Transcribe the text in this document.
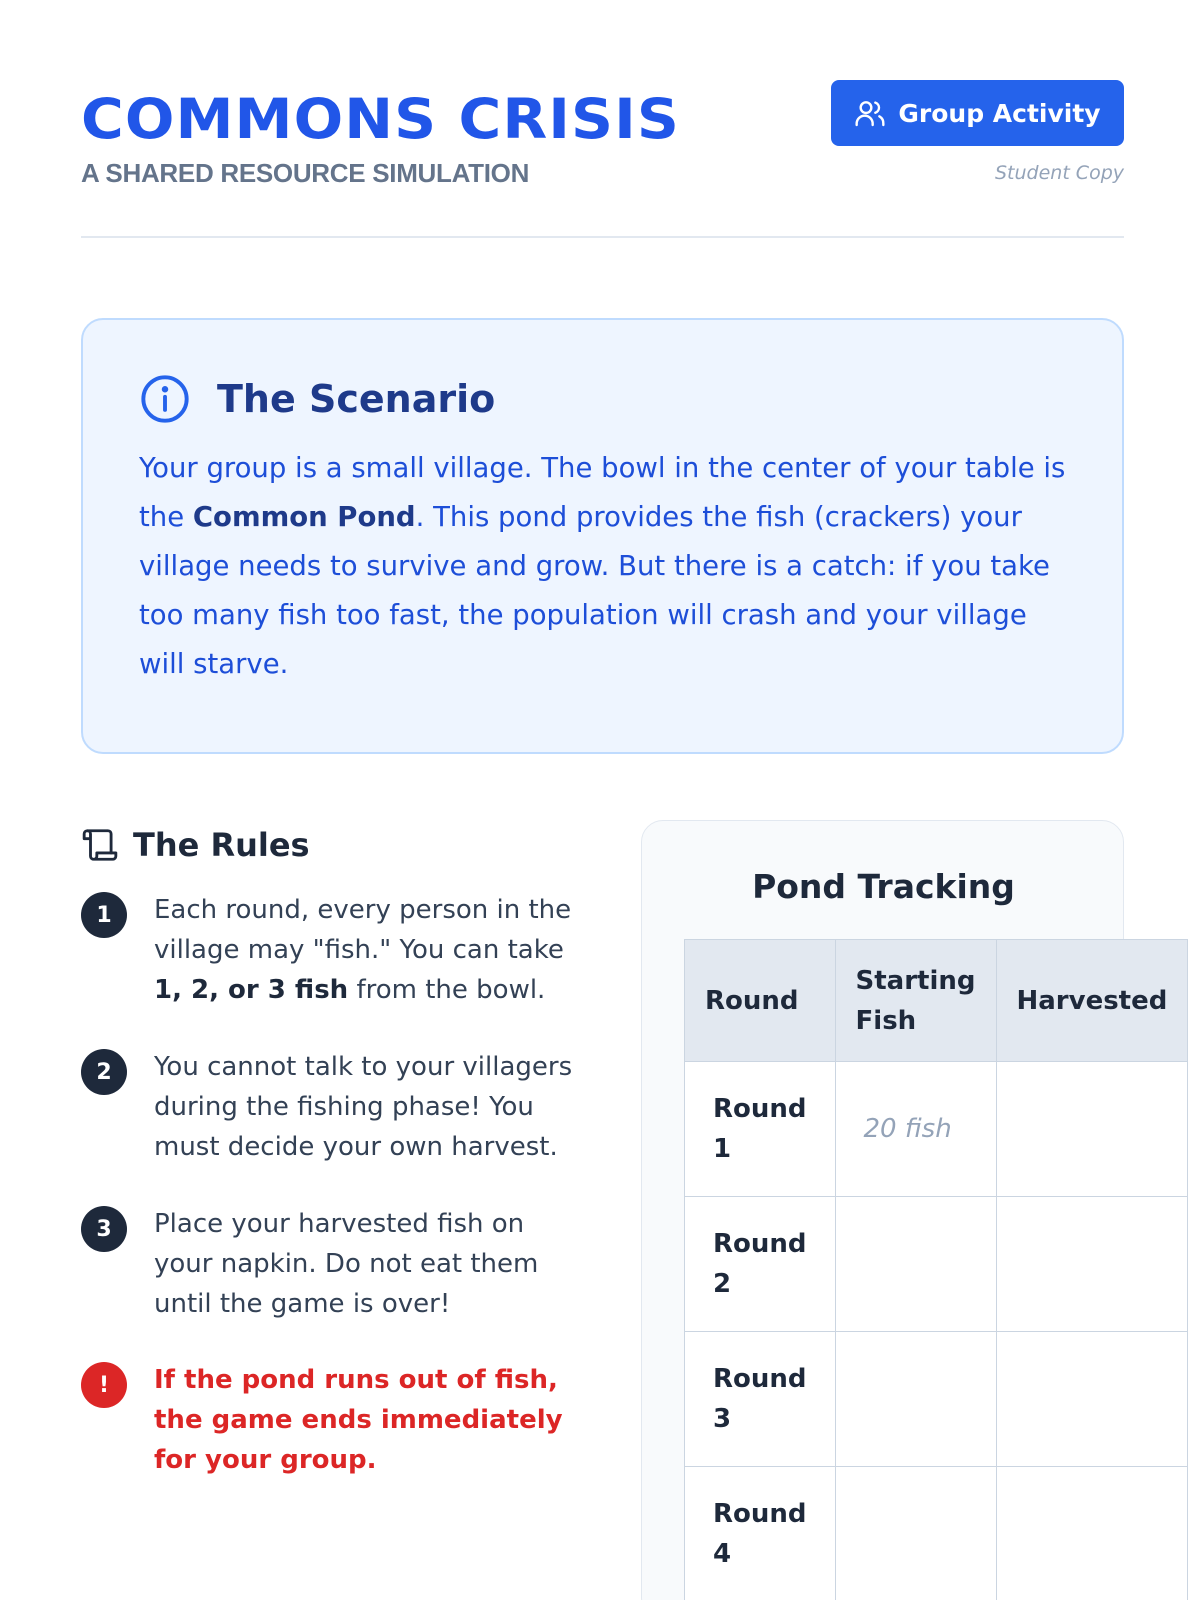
COMMONS CRISIS
A SHARED RESOURCE SIMULATION
Group Activity
Student Copy
The Scenario

Your group is a small village. The bowl in the center of your table is the Common Pond. This pond provides the fish (crackers) your village needs to survive and grow. But there is a catch: if you take too many fish too fast, the population will crash and your village will starve.

The Rules
1	Each round, every person in the village may "fish." You can take 1, 2, or 3 fish from the bowl.
2	You cannot talk to your villagers during the fishing phase! You must decide your own harvest.
3	Place your harvested fish on your napkin. Do not eat them until the game is over!
!	If the pond runs out of fish, the game ends immediately for your group.
Pond Tracking
Round	Starting Fish	Harvested
Round 1	20 fish	
Round 2		
Round 3		
Round 4		
